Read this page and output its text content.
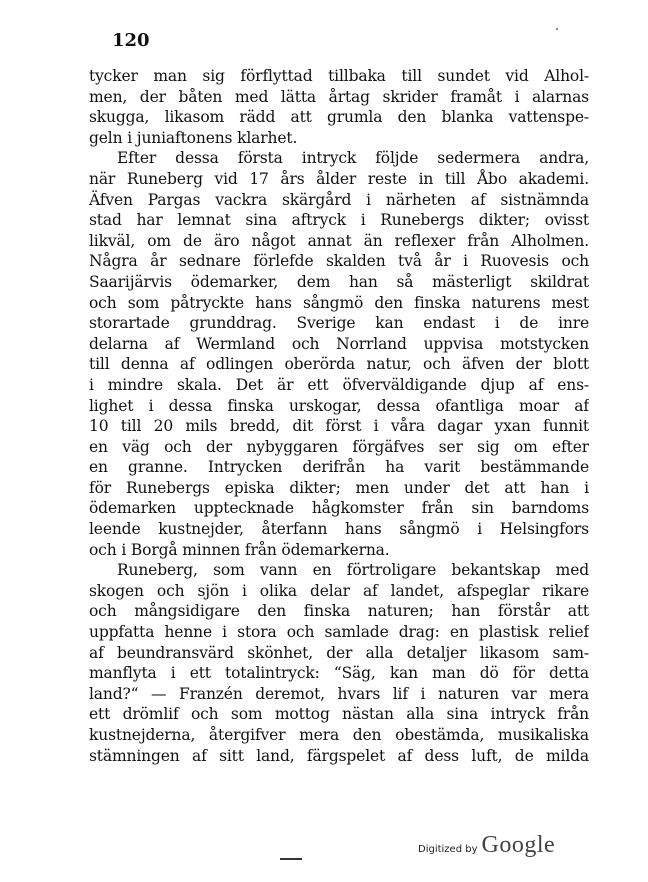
120
tycker man sig förflyttad tillbaka till sundet vid Alhol-
men, der båten med lätta årtag skrider framåt i alarnas
skugga, likasom rädd att grumla den blanka vattenspe-
geln i juniaftonens klarhet.
Efter dessa första intryck följde sedermera andra,
när Runeberg vid 17 års ålder reste in till Åbo akademi.
Äfven Pargas vackra skärgård i närheten af sistnämnda
stad har lemnat sina aftryck i Runebergs dikter; ovisst
likväl, om de äro något annat än reflexer från Alholmen.
Några år sednare förlefde skalden två år i Ruovesis och
Saarijärvis ödemarker, dem han så mästerligt skildrat
och som påtryckte hans sångmö den finska naturens mest
storartade grunddrag. Sverige kan endast i de inre
delarna af Wermland och Norrland uppvisa motstycken
till denna af odlingen oberörda natur, och äfven der blott
i mindre skala. Det är ett öfverväldigande djup af ens-
lighet i dessa finska urskogar, dessa ofantliga moar af
10 till 20 mils bredd, dit först i våra dagar yxan funnit
en väg och der nybyggaren förgäfves ser sig om efter
en granne. Intrycken derifrån ha varit bestämmande
för Runebergs episka dikter; men under det att han i
ödemarken upptecknade hågkomster från sin barndoms
leende kustnejder, återfann hans sångmö i Helsingfors
och i Borgå minnen från ödemarkerna.
Runeberg, som vann en förtroligare bekantskap med
skogen och sjön i olika delar af landet, afspeglar rikare
och mångsidigare den finska naturen; han förstår att
uppfatta henne i stora och samlade drag: en plastisk relief
af beundransvärd skönhet, der alla detaljer likasom sam-
manflyta i ett totalintryck: “Säg, kan man dö för detta
land?“ — Franzén deremot, hvars lif i naturen var mera
ett drömlif och som mottog nästan alla sina intryck från
kustnejderna, återgifver mera den obestämda, musikaliska
stämningen af sitt land, färgspelet af dess luft, de milda
Digitized by Google
